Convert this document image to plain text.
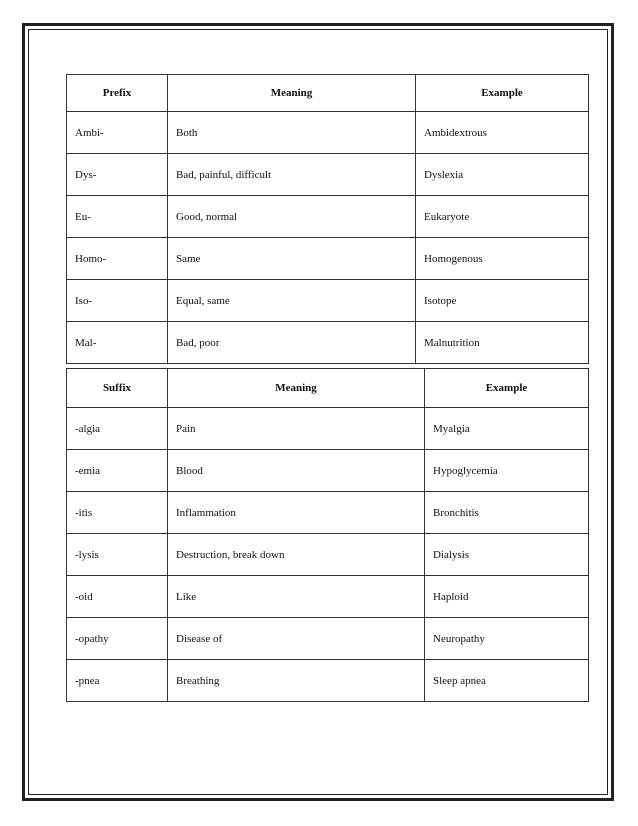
Prefix	Meaning	Example
Ambi-	Both	Ambidextrous
Dys-	Bad, painful, difficult	Dyslexia
Eu-	Good, normal	Eukaryote
Homo-	Same	Homogenous
Iso-	Equal, same	Isotope
Mal-	Bad, poor	Malnutrition
Suffix	Meaning	Example
-algia	Pain	Myalgia
-emia	Blood	Hypoglycemia
-itis	Inflammation	Bronchitis
-lysis	Destruction, break down	Dialysis
-oid	Like	Haploid
-opathy	Disease of	Neuropathy
-pnea	Breathing	Sleep apnea
